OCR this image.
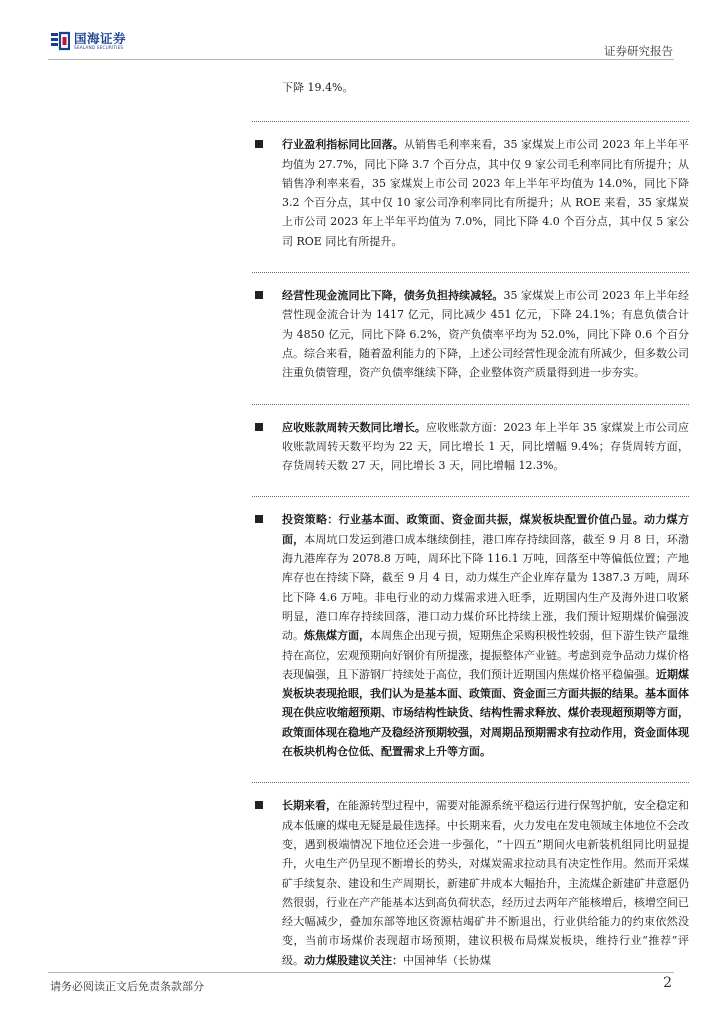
国海证券
SEALAND SECURITIES	证券研究报告
下降 19.4%。
行业盈利指标同比回落。从销售毛利率来看，35 家煤炭上市公司 2023 年上半年平均值为 27.7%，同比下降 3.7 个百分点，其中仅 9 家公司毛利率同比有所提升；从销售净利率来看，35 家煤炭上市公司 2023 年上半年平均值为 14.0%，同比下降 3.2 个百分点，其中仅 10 家公司净利率同比有所提升；从 ROE 来看，35 家煤炭上市公司 2023 年上半年平均值为 7.0%，同比下降 4.0 个百分点，其中仅 5 家公司 ROE 同比有所提升。
经营性现金流同比下降，债务负担持续减轻。35 家煤炭上市公司 2023 年上半年经营性现金流合计为 1417 亿元，同比减少 451 亿元，下降 24.1%；有息负债合计为 4850 亿元，同比下降 6.2%，资产负债率平均为 52.0%，同比下降 0.6 个百分点。综合来看，随着盈利能力的下降，上述公司经营性现金流有所减少，但多数公司注重负债管理，资产负债率继续下降，企业整体资产质量得到进一步夯实。
应收账款周转天数同比增长。应收账款方面：2023 年上半年 35 家煤炭上市公司应收账款周转天数平均为 22 天，同比增长 1 天，同比增幅 9.4%；存货周转方面，存货周转天数 27 天，同比增长 3 天，同比增幅 12.3%。
投资策略：行业基本面、政策面、资金面共振，煤炭板块配置价值凸显。动力煤方面，本周坑口发运到港口成本继续倒挂，港口库存持续回落，截至 9 月 8 日，环渤海九港库存为 2078.8 万吨，周环比下降 116.1 万吨，回落至中等偏低位置；产地库存也在持续下降，截至 9 月 4 日，动力煤生产企业库存量为 1387.3 万吨，周环比下降 4.6 万吨。非电行业的动力煤需求进入旺季，近期国内生产及海外进口收紧明显，港口库存持续回落，港口动力煤价环比持续上涨，我们预计短期煤价偏强波动。炼焦煤方面，本周焦企出现亏损，短期焦企采购积极性较弱，但下游生铁产量维持在高位，宏观预期向好钢价有所提涨，提振整体产业链。考虑到竞争品动力煤价格表现偏强，且下游钢厂持续处于高位，我们预计近期国内焦煤价格平稳偏强。近期煤炭板块表现抢眼，我们认为是基本面、政策面、资金面三方面共振的结果。基本面体现在供应收缩超预期、市场结构性缺货、结构性需求释放、煤价表现超预期等方面，政策面体现在稳地产及稳经济预期较强，对周期品预期需求有拉动作用，资金面体现在板块机构仓位低、配置需求上升等方面。
长期来看，在能源转型过程中，需要对能源系统平稳运行进行保驾护航，安全稳定和成本低廉的煤电无疑是最佳选择。中长期来看，火力发电在发电领域主体地位不会改变，遇到极端情况下地位还会进一步强化，“十四五”期间火电新装机组同比明显提升，火电生产仍呈现不断增长的势头，对煤炭需求拉动具有决定性作用。然而开采煤矿手续复杂、建设和生产周期长，新建矿井成本大幅抬升，主流煤企新建矿井意愿仍然很弱，行业在产产能基本达到高负荷状态，经历过去两年产能核增后，核增空间已经大幅减少，叠加东部等地区资源枯竭矿井不断退出，行业供给能力的约束依然没变，当前市场煤价表现超市场预期，建议积极布局煤炭板块，维持行业“推荐”评级。动力煤股建议关注：中国神华（长协煤
请务必阅读正文后免责条款部分	2
